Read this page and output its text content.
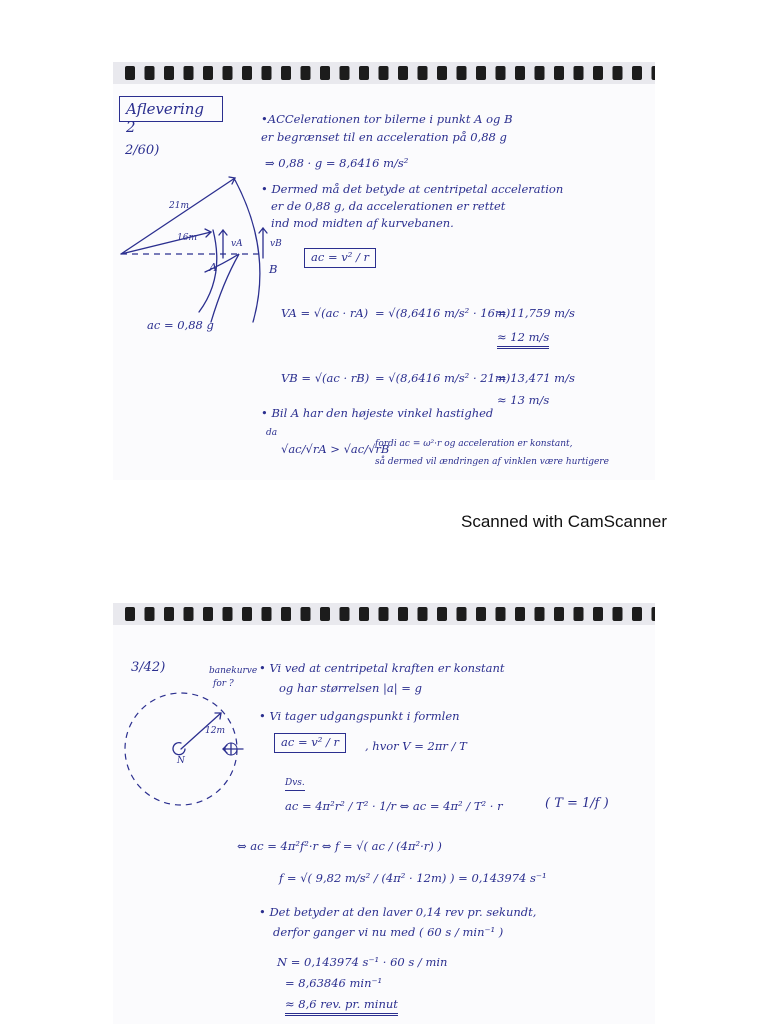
Aflevering 2
2/60)
•ACCelerationen tor bilerne i punkt A og B
er begrænset til en acceleration på 0,88 g
⇒ 0,88 · g = 8,6416 m/s²
• Dermed må det betyde at centripetal acceleration
er de 0,88 g, da accelerationen er rettet
ind mod midten af kurvebanen.
21m
16m
vA	vB
A	B
ac = 0,88 g
ac = v² / r
VA = √(ac · rA) = √(8,6416 m/s² · 16m)
= 11,759 m/s
≈ 12 m/s
VB = √(ac · rB) = √(8,6416 m/s² · 21m)
= 13,471 m/s
≈ 13 m/s
• Bil A har den højeste vinkel hastighed
da
√ac/√rA > √ac/√rB
fordi ac = ω²·r og acceleration er konstant,
så dermed vil ændringen af vinklen være hurtigere
Scanned with CamScanner
3/42)	banekurve
for ?
• Vi ved at centripetal kraften er konstant
og har størrelsen |a| = g
• Vi tager udgangspunkt i formlen
12m
N
ac = v² / r	, hvor V = 2πr / T
Dvs.
ac = 4π²r² / T² · 1/r ⇔ ac = 4π² / T² · r	( T = 1/f )
⇔ ac = 4π²f²·r ⇔ f = √( ac / (4π²·r) )
f = √( 9,82 m/s² / (4π² · 12m) ) = 0,143974 s⁻¹
• Det betyder at den laver 0,14 rev pr. sekundt,
derfor ganger vi nu med ( 60 s / min⁻¹ )
N = 0,143974 s⁻¹ · 60 s / min
= 8,63846 min⁻¹
≈ 8,6 rev. pr. minut
